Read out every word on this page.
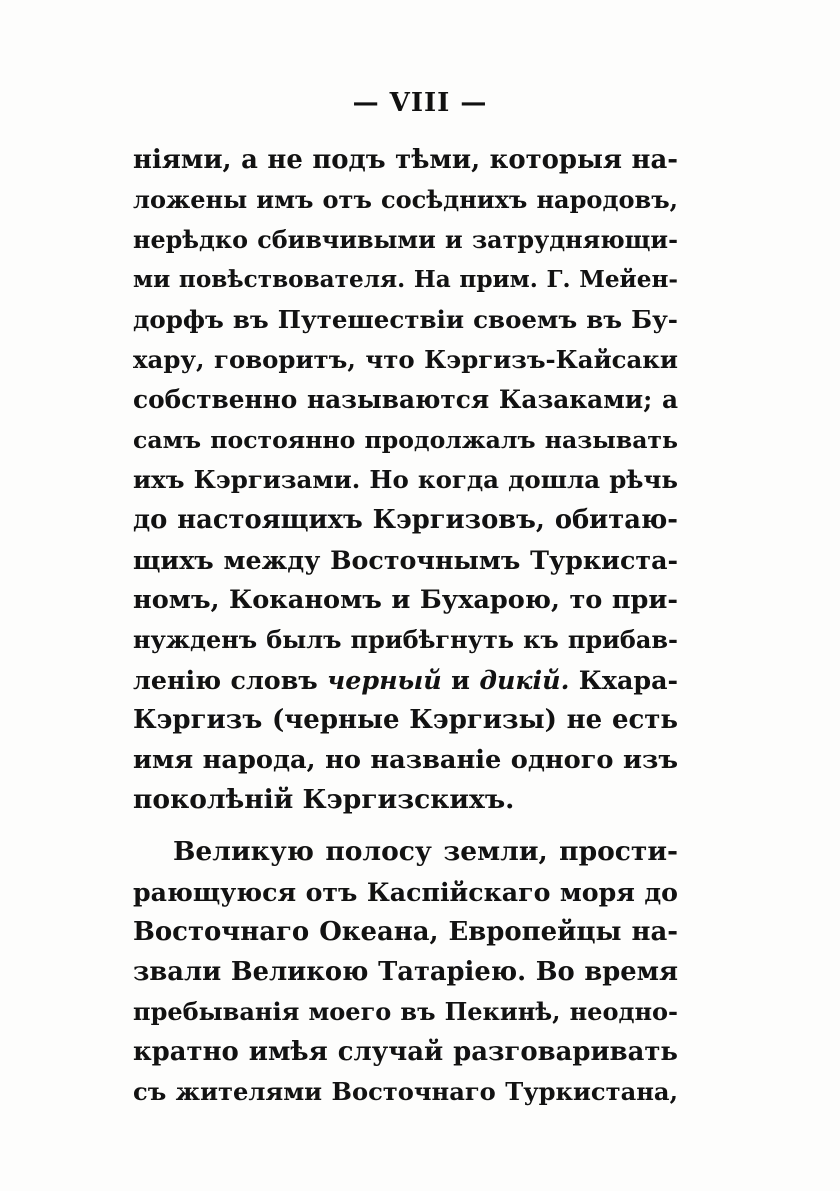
— VIII —
ніями, а не подъ тѣми, которыя на-
ложены имъ отъ сосѣднихъ народовъ,
нерѣдко сбивчивыми и затрудняющи-
ми повѣствователя. На прим. Г. Мейен-
дорфъ въ Путешествіи своемъ въ Бу-
хару, говоритъ, что Кэргизъ-Кайсаки
собственно называются Казаками; а
самъ постоянно продолжалъ называть
ихъ Кэргизами. Но когда дошла рѣчь
до настоящихъ Кэргизовъ, обитаю-
щихъ между Восточнымъ Туркиста-
номъ, Коканомъ и Бухарою, то при-
нужденъ былъ прибѣгнуть къ прибав-
ленію словъ черный и дикій. Кхара-
Кэргизъ (черные Кэргизы) не есть
имя народа, но названіе одного изъ
поколѣній Кэргизскихъ.
Великую полосу земли, прости-
рающуюся отъ Каспійскаго моря до
Восточнаго Океана, Европейцы на-
звали Великою Татаріею. Во время
пребыванія моего въ Пекинѣ, неодно-
кратно имѣя случай разговаривать
съ жителями Восточнаго Туркистана,
